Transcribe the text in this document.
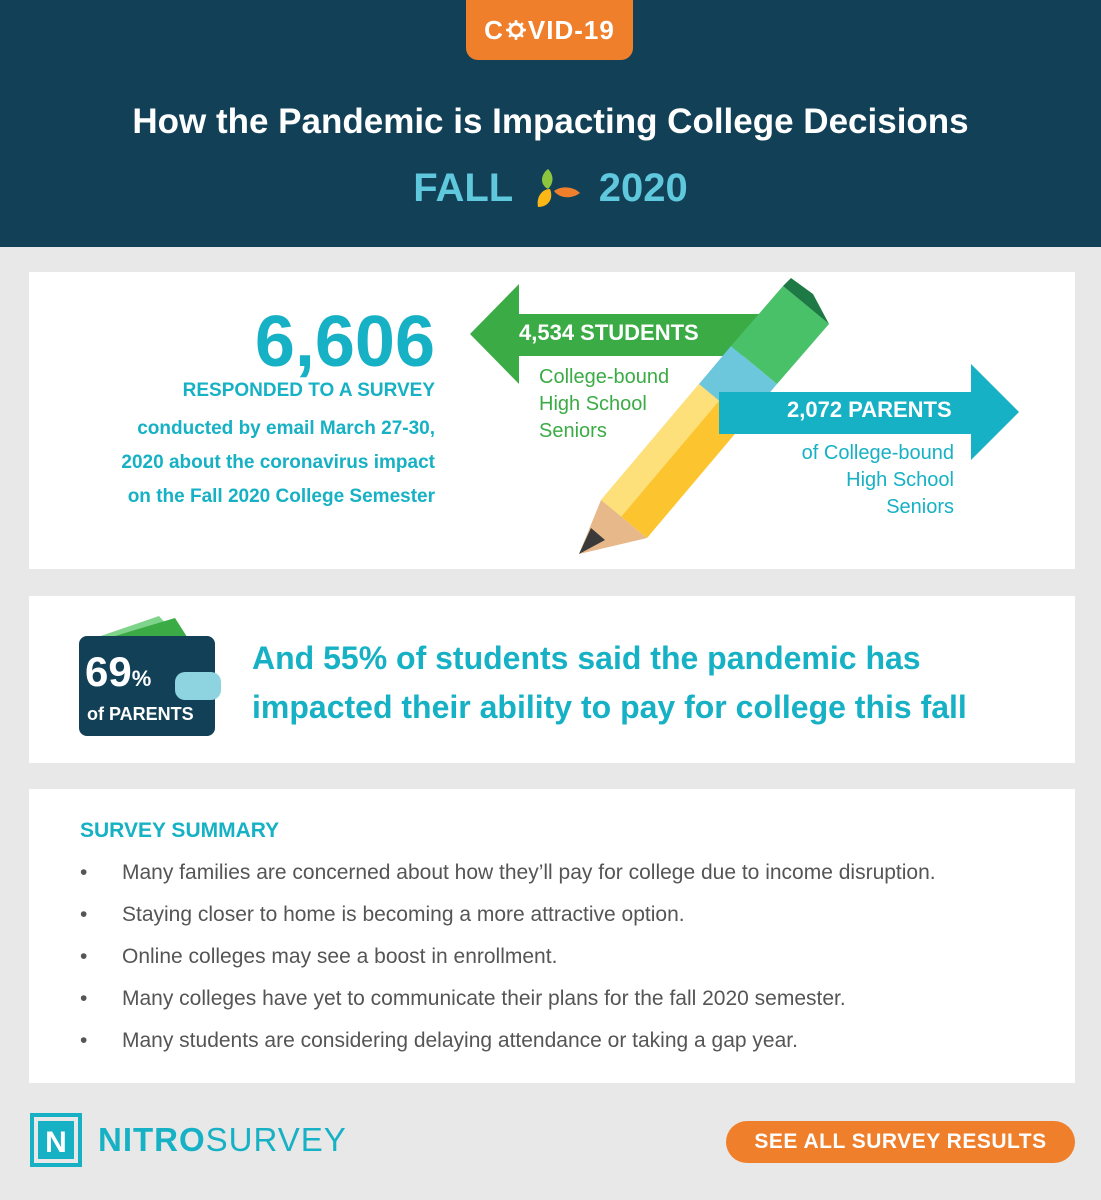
C VID-19
How the Pandemic is Impacting College Decisions
FALL 2020
6,606
RESPONDED TO A SURVEY
conducted by email March 27-30,
2020 about the coronavirus impact
on the Fall 2020 College Semester
4,534 STUDENTS
College-bound
High School
Seniors
2,072 PARENTS
of College-bound
High School
Seniors
69%
of PARENTS
And 55% of students said the pandemic has
impacted their ability to pay for college this fall
SURVEY SUMMARY
• Many families are concerned about how they’ll pay for college due to income disruption.
• Staying closer to home is becoming a more attractive option.
• Online colleges may see a boost in enrollment.
• Many colleges have yet to communicate their plans for the fall 2020 semester.
• Many students are considering delaying attendance or taking a gap year.
N NITROSURVEY	SEE ALL SURVEY RESULTS
